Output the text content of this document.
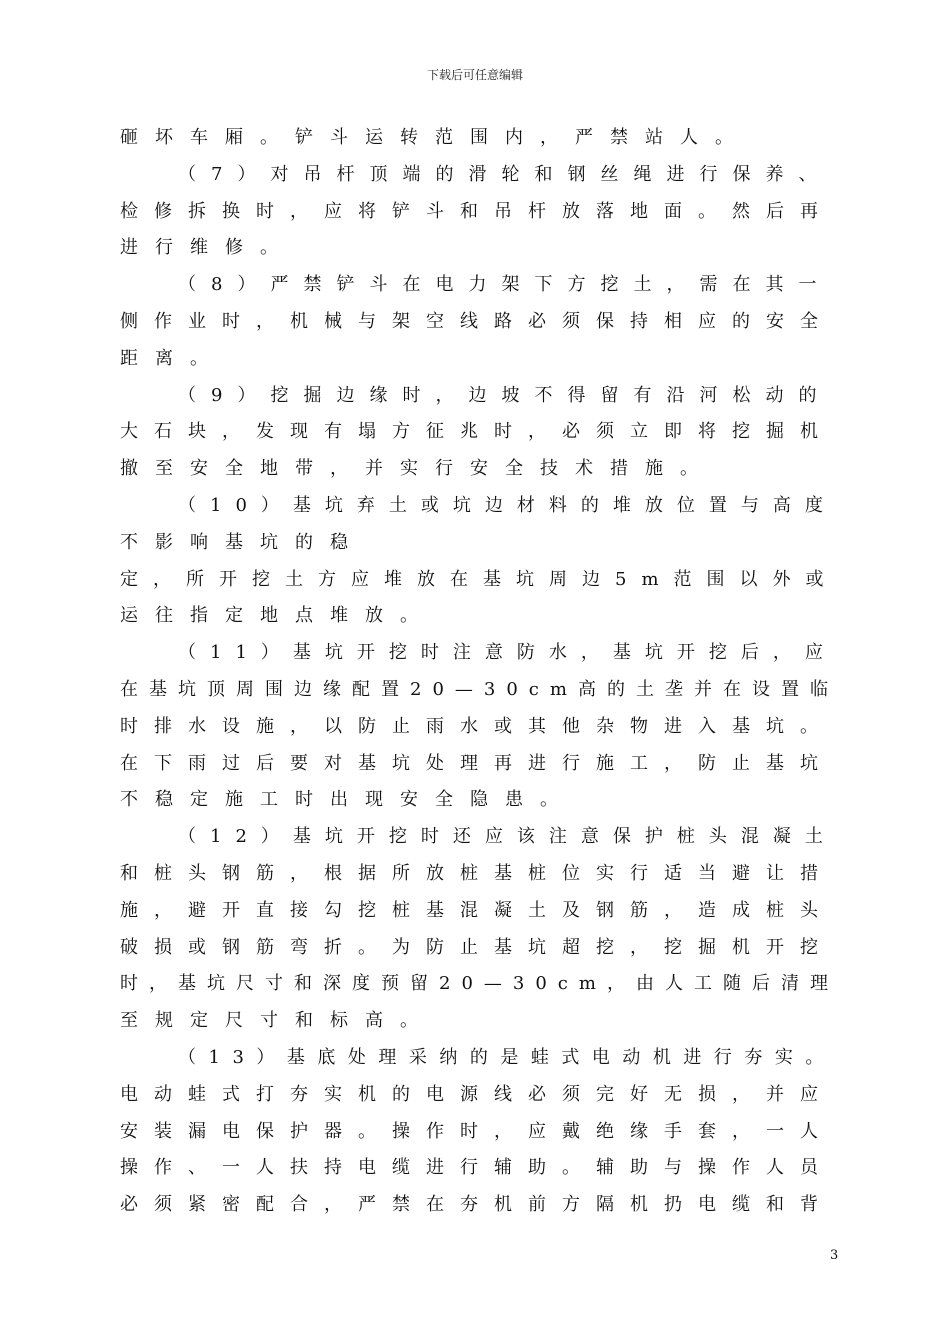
下载后可任意编辑
砸坏车厢。铲斗运转范围内，严禁站人。
（7）对吊杆顶端的滑轮和钢丝绳进行保养、
检修拆换时，应将铲斗和吊杆放落地面。然后再
进行维修。
（8）严禁铲斗在电力架下方挖土，需在其一
侧作业时，机械与架空线路必须保持相应的安全
距离。
（9）挖掘边缘时，边坡不得留有沿河松动的
大石块，发现有塌方征兆时，必须立即将挖掘机
撤至安全地带，并实行安全技术措施。
（10）基坑弃土或坑边材料的堆放位置与高度
不影响基坑的稳
定，所开挖土方应堆放在基坑周边5m范围以外或
运往指定地点堆放。
（11）基坑开挖时注意防水，基坑开挖后，应
在基坑顶周围边缘配置20—30cm高的土垄并在设置临
时排水设施，以防止雨水或其他杂物进入基坑。
在下雨过后要对基坑处理再进行施工，防止基坑
不稳定施工时出现安全隐患。
（12）基坑开挖时还应该注意保护桩头混凝土
和桩头钢筋，根据所放桩基桩位实行适当避让措
施，避开直接勾挖桩基混凝土及钢筋，造成桩头
破损或钢筋弯折。为防止基坑超挖，挖掘机开挖
时，基坑尺寸和深度预留20—30cm，由人工随后清理
至规定尺寸和标高。
（13）基底处理采纳的是蛙式电动机进行夯实。
电动蛙式打夯实机的电源线必须完好无损，并应
安装漏电保护器。操作时，应戴绝缘手套，一人
操作、一人扶持电缆进行辅助。辅助与操作人员
必须紧密配合，严禁在夯机前方隔机扔电缆和背
3
